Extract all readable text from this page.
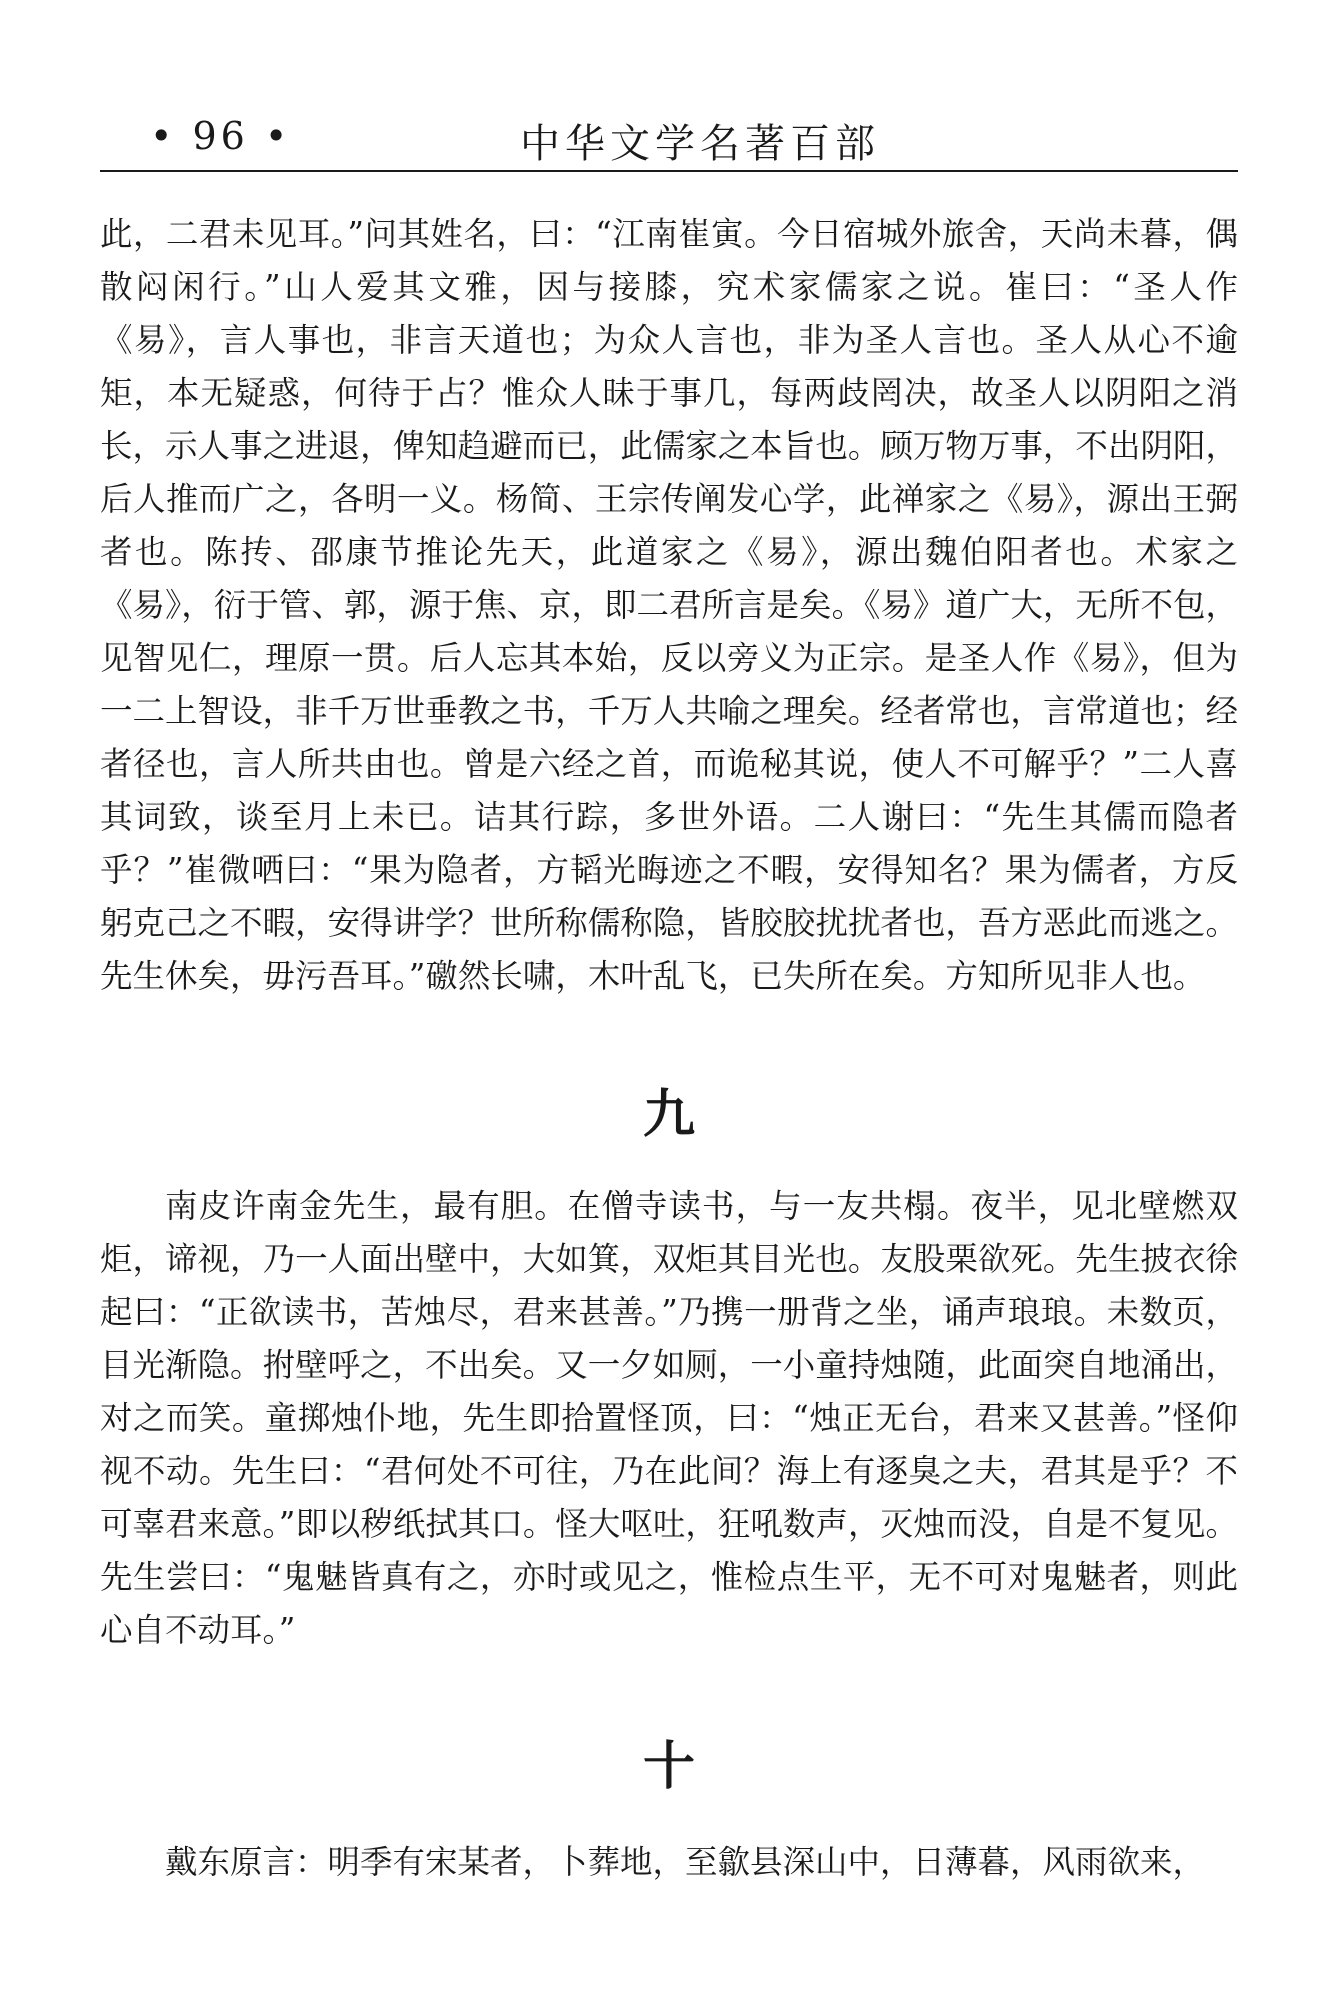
• 96 •	中华文学名著百部

此，二君未见耳。”问其姓名，曰：“江南崔寅。今日宿城外旅舍，天尚未暮，偶散闷闲行。”山人爱其文雅，因与接膝，究术家儒家之说。崔曰：“圣人作《易》，言人事也，非言天道也；为众人言也，非为圣人言也。圣人从心不逾矩，本无疑惑，何待于占？惟众人昧于事几，每两歧罔决，故圣人以阴阳之消长，示人事之进退，俾知趋避而已，此儒家之本旨也。顾万物万事，不出阴阳，后人推而广之，各明一义。杨简、王宗传阐发心学，此禅家之《易》，源出王弼者也。陈抟、邵康节推论先天，此道家之《易》，源出魏伯阳者也。术家之《易》，衍于管、郭，源于焦、京，即二君所言是矣。《易》道广大，无所不包，见智见仁，理原一贯。后人忘其本始，反以旁义为正宗。是圣人作《易》，但为一二上智设，非千万世垂教之书，千万人共喻之理矣。经者常也，言常道也；经者径也，言人所共由也。曾是六经之首，而诡秘其说，使人不可解乎？”二人喜其词致，谈至月上未已。诘其行踪，多世外语。二人谢曰：“先生其儒而隐者乎？”崔微哂曰：“果为隐者，方韬光晦迹之不暇，安得知名？果为儒者，方反躬克己之不暇，安得讲学？世所称儒称隐，皆胶胶扰扰者也，吾方恶此而逃之。先生休矣，毋污吾耳。”礉然长啸，木叶乱飞，已失所在矣。方知所见非人也。

九

南皮许南金先生，最有胆。在僧寺读书，与一友共榻。夜半，见北壁燃双炬，谛视，乃一人面出壁中，大如箕，双炬其目光也。友股栗欲死。先生披衣徐起曰：“正欲读书，苦烛尽，君来甚善。”乃携一册背之坐，诵声琅琅。未数页，目光渐隐。拊壁呼之，不出矣。又一夕如厕，一小童持烛随，此面突自地涌出，对之而笑。童掷烛仆地，先生即拾置怪顶，曰：“烛正无台，君来又甚善。”怪仰视不动。先生曰：“君何处不可往，乃在此间？海上有逐臭之夫，君其是乎？不可辜君来意。”即以秽纸拭其口。怪大呕吐，狂吼数声，灭烛而没，自是不复见。先生尝曰：“鬼魅皆真有之，亦时或见之，惟检点生平，无不可对鬼魅者，则此心自不动耳。”

十

戴东原言：明季有宋某者，卜葬地，至歙县深山中，日薄暮，风雨欲来，
